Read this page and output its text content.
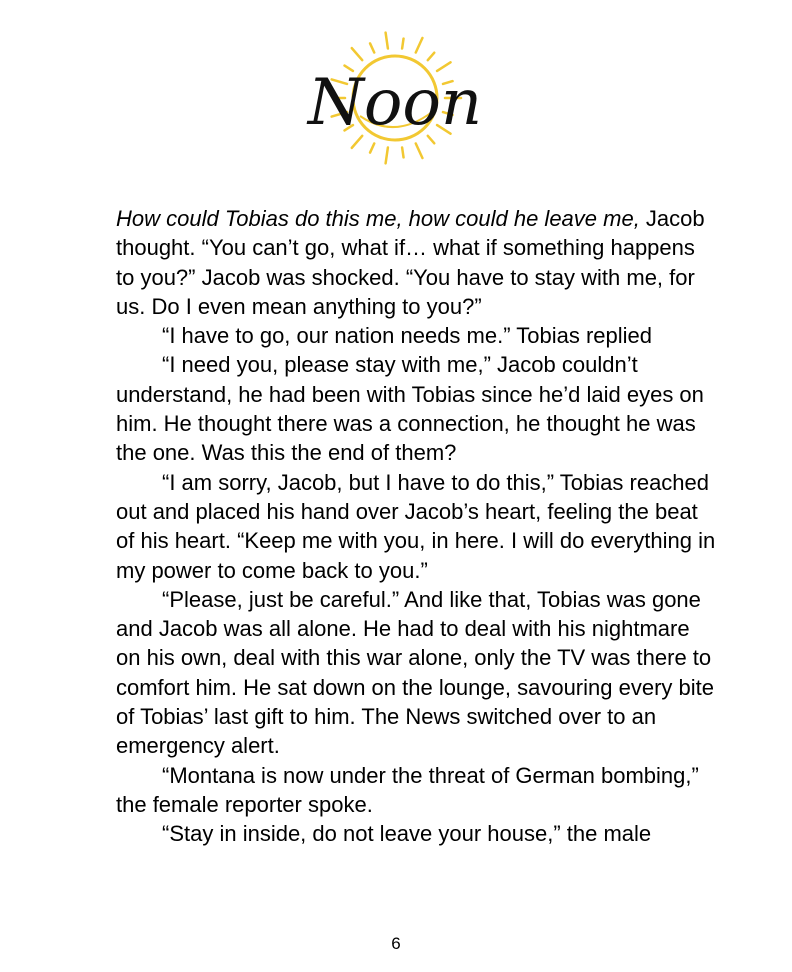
Noon

How could Tobias do this me, how could he leave me, Jacob thought. “You can’t go, what if… what if something happens to you?” Jacob was shocked. “You have to stay with me, for us. Do I even mean anything to you?”

“I have to go, our nation needs me.” Tobias replied

“I need you, please stay with me,” Jacob couldn’t understand, he had been with Tobias since he’d laid eyes on him. He thought there was a connection, he thought he was the one. Was this the end of them?

“I am sorry, Jacob, but I have to do this,” Tobias reached out and placed his hand over Jacob’s heart, feeling the beat of his heart. “Keep me with you, in here. I will do everything in my power to come back to you.”

“Please, just be careful.” And like that, Tobias was gone and Jacob was all alone. He had to deal with his nightmare on his own, deal with this war alone, only the TV was there to comfort him. He sat down on the lounge, savouring every bite of Tobias’ last gift to him. The News switched over to an emergency alert.

“Montana is now under the threat of German bombing,” the female reporter spoke.

“Stay in inside, do not leave your house,” the male

6
